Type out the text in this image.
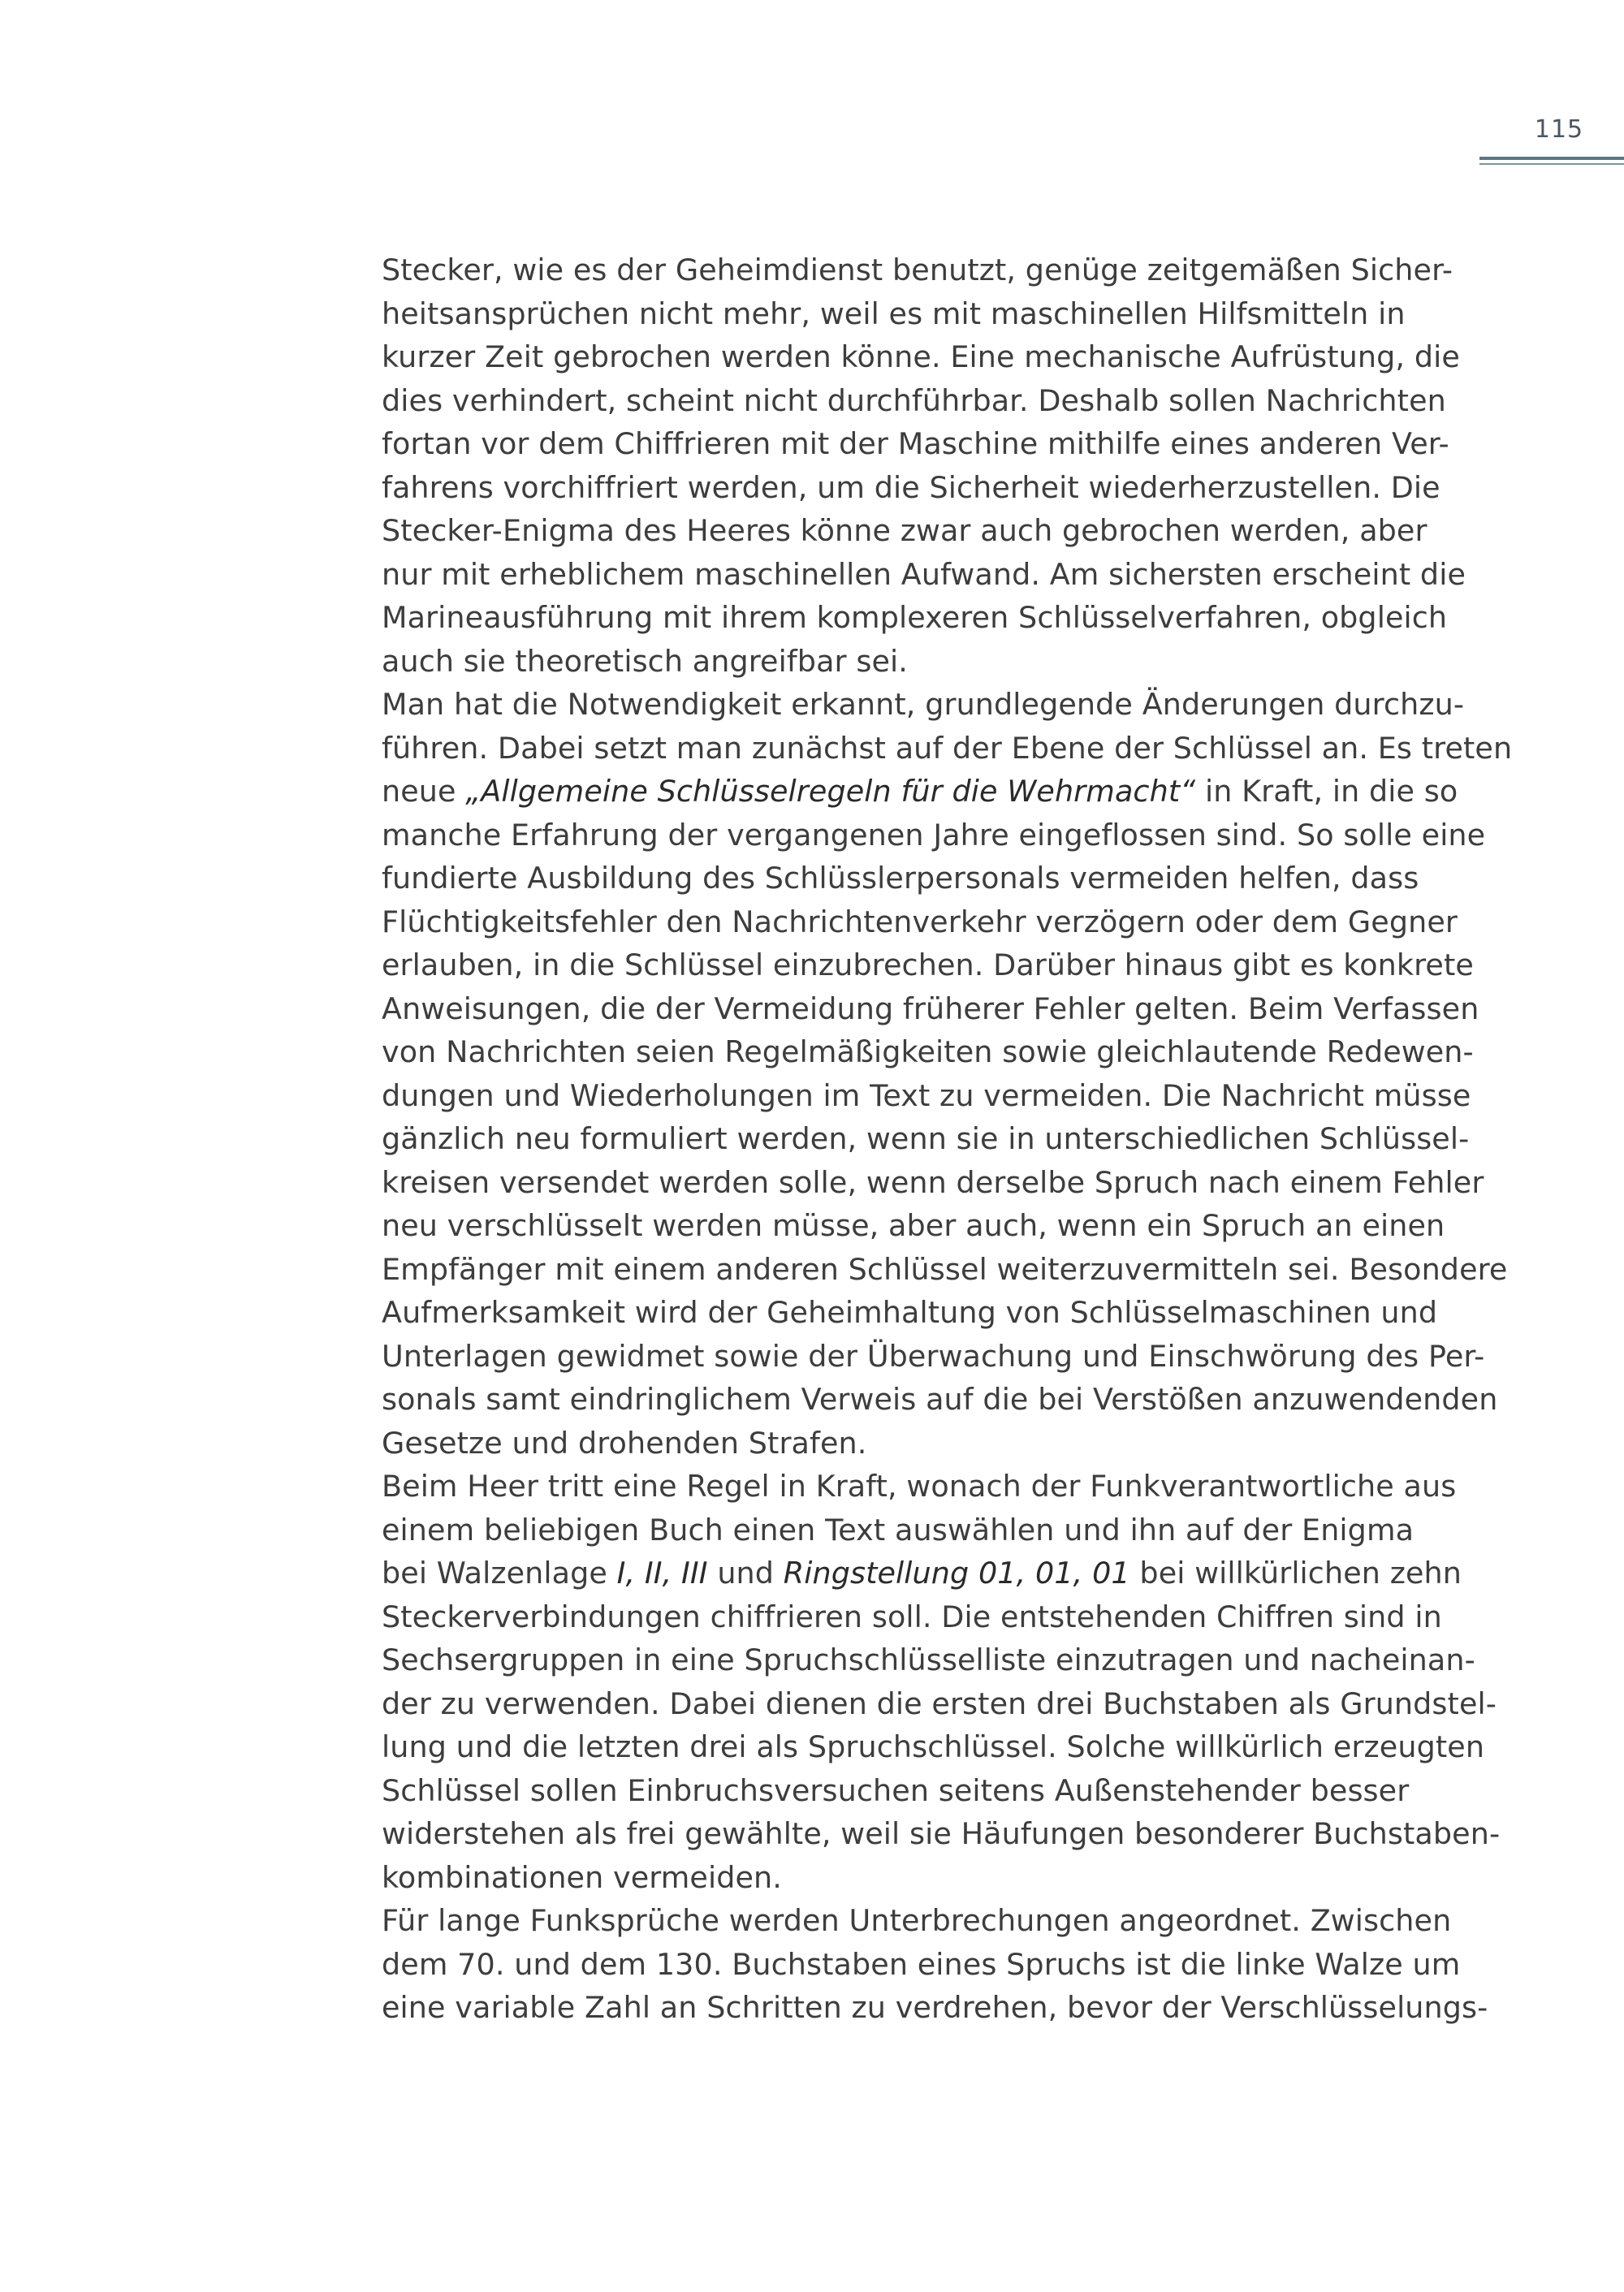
115
Stecker, wie es der Geheimdienst benutzt, genüge zeitgemäßen Sicher-
heitsansprüchen nicht mehr, weil es mit maschinellen Hilfsmitteln in
kurzer Zeit gebrochen werden könne. Eine mechanische Aufrüstung, die
dies verhindert, scheint nicht durchführbar. Deshalb sollen Nachrichten
fortan vor dem Chiffrieren mit der Maschine mithilfe eines anderen Ver-
fahrens vorchiffriert werden, um die Sicherheit wiederherzustellen. Die
Stecker-Enigma des Heeres könne zwar auch gebrochen werden, aber
nur mit erheblichem maschinellen Aufwand. Am sichersten erscheint die
Marineausführung mit ihrem komplexeren Schlüsselverfahren, obgleich
auch sie theoretisch angreifbar sei.
Man hat die Notwendigkeit erkannt, grundlegende Änderungen durchzu-
führen. Dabei setzt man zunächst auf der Ebene der Schlüssel an. Es treten
neue „Allgemeine Schlüsselregeln für die Wehrmacht“ in Kraft, in die so
manche Erfahrung der vergangenen Jahre eingeflossen sind. So solle eine
fundierte Ausbildung des Schlüsslerpersonals vermeiden helfen, dass
Flüchtigkeitsfehler den Nachrichtenverkehr verzögern oder dem Gegner
erlauben, in die Schlüssel einzubrechen. Darüber hinaus gibt es konkrete
Anweisungen, die der Vermeidung früherer Fehler gelten. Beim Verfassen
von Nachrichten seien Regelmäßigkeiten sowie gleichlautende Redewen-
dungen und Wiederholungen im Text zu vermeiden. Die Nachricht müsse
gänzlich neu formuliert werden, wenn sie in unterschiedlichen Schlüssel-
kreisen versendet werden solle, wenn derselbe Spruch nach einem Fehler
neu verschlüsselt werden müsse, aber auch, wenn ein Spruch an einen
Empfänger mit einem anderen Schlüssel weiterzuvermitteln sei. Besondere
Aufmerksamkeit wird der Geheimhaltung von Schlüsselmaschinen und
Unterlagen gewidmet sowie der Überwachung und Einschwörung des Per-
sonals samt eindringlichem Verweis auf die bei Verstößen anzuwendenden
Gesetze und drohenden Strafen.
Beim Heer tritt eine Regel in Kraft, wonach der Funkverantwortliche aus
einem beliebigen Buch einen Text auswählen und ihn auf der Enigma
bei Walzenlage I, II, III und Ringstellung 01, 01, 01 bei willkürlichen zehn
Steckerverbindungen chiffrieren soll. Die entstehenden Chiffren sind in
Sechsergruppen in eine Spruchschlüsselliste einzutragen und nacheinan-
der zu verwenden. Dabei dienen die ersten drei Buchstaben als Grundstel-
lung und die letzten drei als Spruchschlüssel. Solche willkürlich erzeugten
Schlüssel sollen Einbruchsversuchen seitens Außenstehender besser
widerstehen als frei gewählte, weil sie Häufungen besonderer Buchstaben-
kombinationen vermeiden.
Für lange Funksprüche werden Unterbrechungen angeordnet. Zwischen
dem 70. und dem 130. Buchstaben eines Spruchs ist die linke Walze um
eine variable Zahl an Schritten zu verdrehen, bevor der Verschlüsselungs-
